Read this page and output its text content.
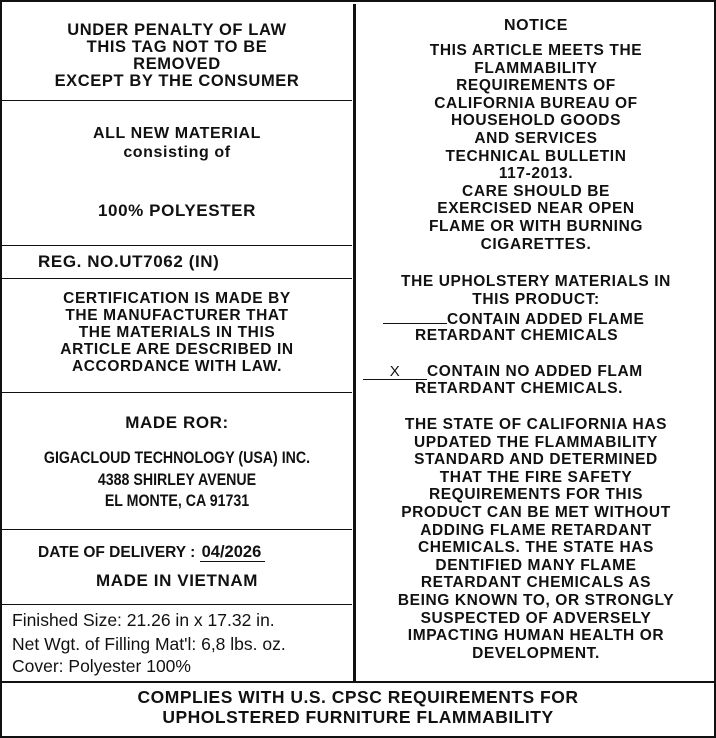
UNDER PENALTY OF LAW
THIS TAG NOT TO BE
REMOVED
EXCEPT BY THE CONSUMER
ALL NEW MATERIAL
consisting of
100% POLYESTER
REG. NO.UT7062 (IN)
CERTIFICATION IS MADE BY
THE MANUFACTURER THAT
THE MATERIALS IN THIS
ARTICLE ARE DESCRIBED IN
ACCORDANCE WITH LAW.
MADE ROR:
GIGACLOUD TECHNOLOGY (USA) INC.
4388 SHIRLEY AVENUE
EL MONTE, CA 91731
DATE OF DELIVERY : 04/2026
MADE IN VIETNAM
Finished Size: 21.26 in x 17.32 in.
Net Wgt. of Filling Mat'l: 6,8 lbs. oz.
Cover: Polyester 100%
NOTICE
THIS ARTICLE MEETS THE
FLAMMABILITY
REQUIREMENTS OF
CALIFORNIA BUREAU OF
HOUSEHOLD GOODS
AND SERVICES
TECHNICAL BULLETIN
117-2013.
CARE SHOULD BE
EXERCISED NEAR OPEN
FLAME OR WITH BURNING
CIGARETTES.
THE UPHOLSTERY MATERIALS IN
THIS PRODUCT:
CONTAIN ADDED FLAME
RETARDANT CHEMICALS
X CONTAIN NO ADDED FLAM
RETARDANT CHEMICALS.
THE STATE OF CALIFORNIA HAS
UPDATED THE FLAMMABILITY
STANDARD AND DETERMINED
THAT THE FIRE SAFETY
REQUIREMENTS FOR THIS
PRODUCT CAN BE MET WITHOUT
ADDING FLAME RETARDANT
CHEMICALS. THE STATE HAS
DENTIFIED MANY FLAME
RETARDANT CHEMICALS AS
BEING KNOWN TO, OR STRONGLY
SUSPECTED OF ADVERSELY
IMPACTING HUMAN HEALTH OR
DEVELOPMENT.
COMPLIES WITH U.S. CPSC REQUIREMENTS FOR
UPHOLSTERED FURNITURE FLAMMABILITY
